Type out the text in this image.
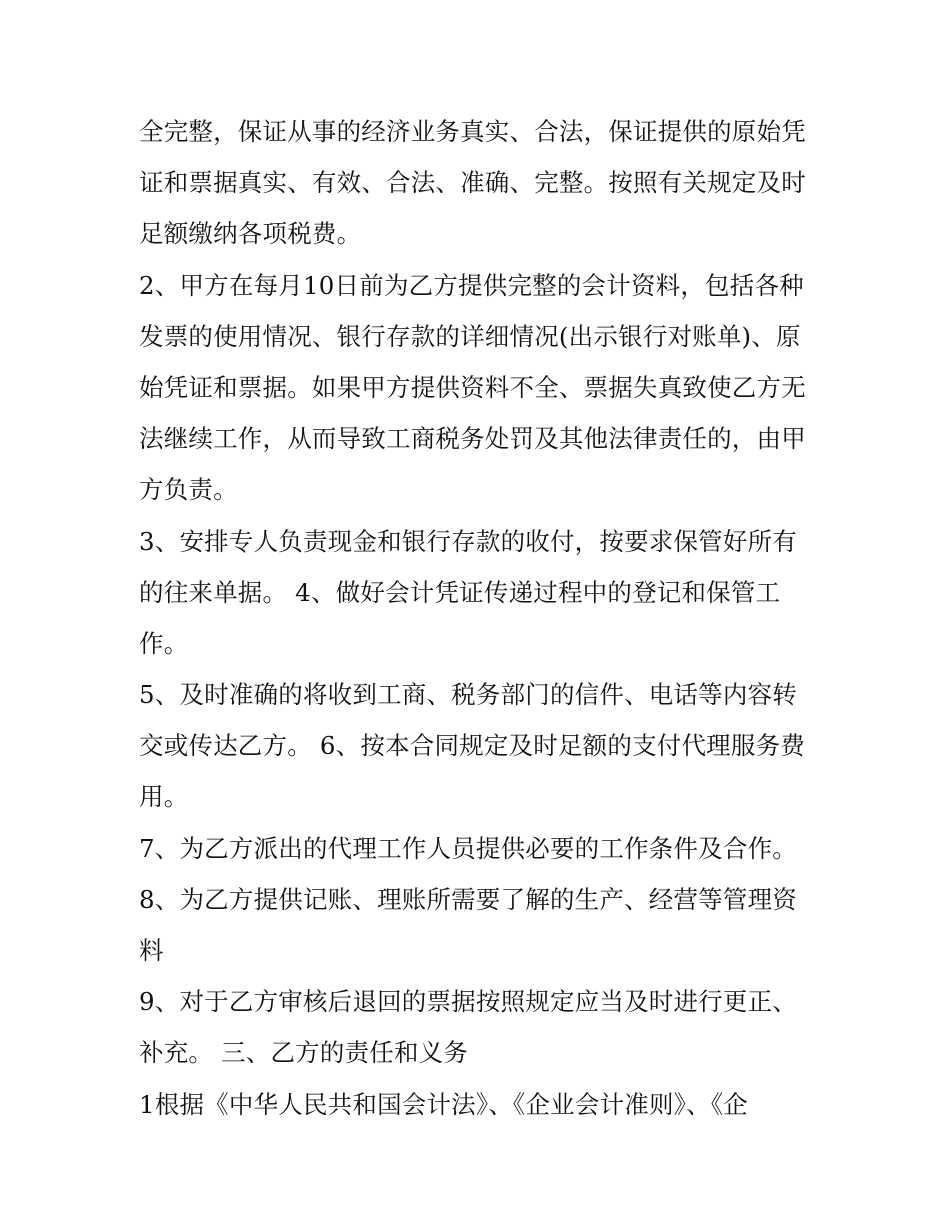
全完整，保证从事的经济业务真实、合法，保证提供的原始凭
证和票据真实、有效、合法、准确、完整。按照有关规定及时
足额缴纳各项税费。

2、甲方在每月10日前为乙方提供完整的会计资料，包括各种
发票的使用情况、银行存款的详细情况(出示银行对账单)、原
始凭证和票据。如果甲方提供资料不全、票据失真致使乙方无
法继续工作，从而导致工商税务处罚及其他法律责任的，由甲
方负责。

3、安排专人负责现金和银行存款的收付，按要求保管好所有
的往来单据。 4、做好会计凭证传递过程中的登记和保管工
作。

5、及时准确的将收到工商、税务部门的信件、电话等内容转
交或传达乙方。 6、按本合同规定及时足额的支付代理服务费
用。

7、为乙方派出的代理工作人员提供必要的工作条件及合作。

8、为乙方提供记账、理账所需要了解的生产、经营等管理资
料

9、对于乙方审核后退回的票据按照规定应当及时进行更正、
补充。 三、乙方的责任和义务

1根据《中华人民共和国会计法》、《企业会计准则》、《企
